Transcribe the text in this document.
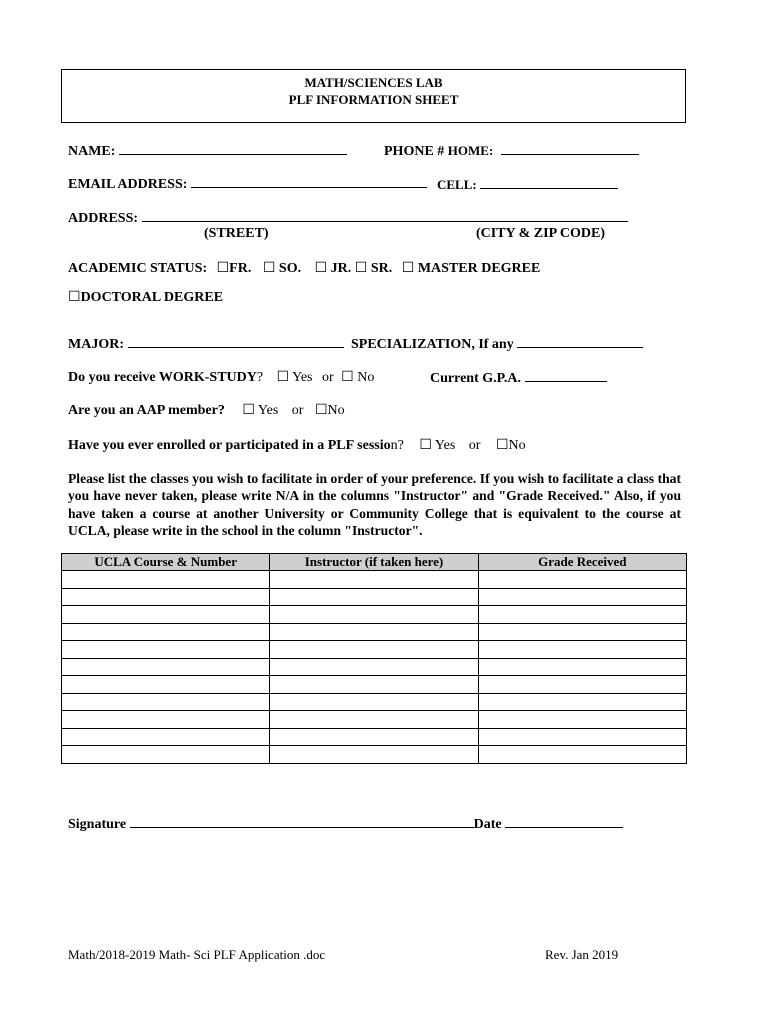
MATH/SCIENCES LAB
PLF INFORMATION SHEET
NAME:	PHONE # HOME:
EMAIL ADDRESS:	CELL:
ADDRESS:
(STREET)	(CITY & ZIP CODE)
ACADEMIC STATUS: ☐FR. ☐ SO. ☐ JR. ☐ SR. ☐ MASTER DEGREE
☐DOCTORAL DEGREE
MAJOR:	SPECIALIZATION, If any
Do you receive WORK-STUDY? ☐ Yes or ☐ No	Current G.P.A.
Are you an AAP member? ☐ Yes or ☐No
Have you ever enrolled or participated in a PLF session? ☐ Yes or ☐No
Please list the classes you wish to facilitate in order of your preference. If you wish to facilitate a class that you have never taken, please write N/A in the columns "Instructor" and "Grade Received." Also, if you have taken a course at another University or Community College that is equivalent to the course at UCLA, please write in the school in the column "Instructor".
UCLA Course & Number	Instructor (if taken here)	Grade Received

Signature	Date
Math/2018-2019 Math- Sci PLF Application .doc	Rev. Jan 2019
